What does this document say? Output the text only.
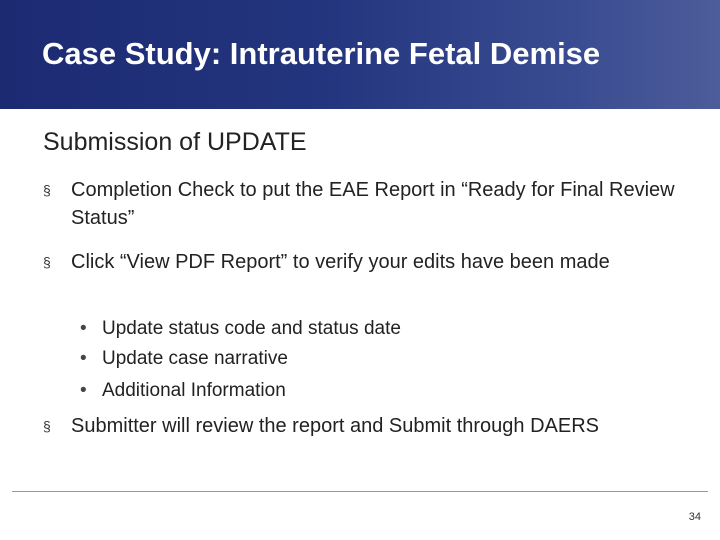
Case Study: Intrauterine Fetal Demise
Submission of UPDATE
§ Completion Check to put the EAE Report in “Ready for Final Review Status”
§ Click “View PDF Report” to verify your edits have been made
• Update status code and status date
• Update case narrative
• Additional Information
§ Submitter will review the report and Submit through DAERS
34
